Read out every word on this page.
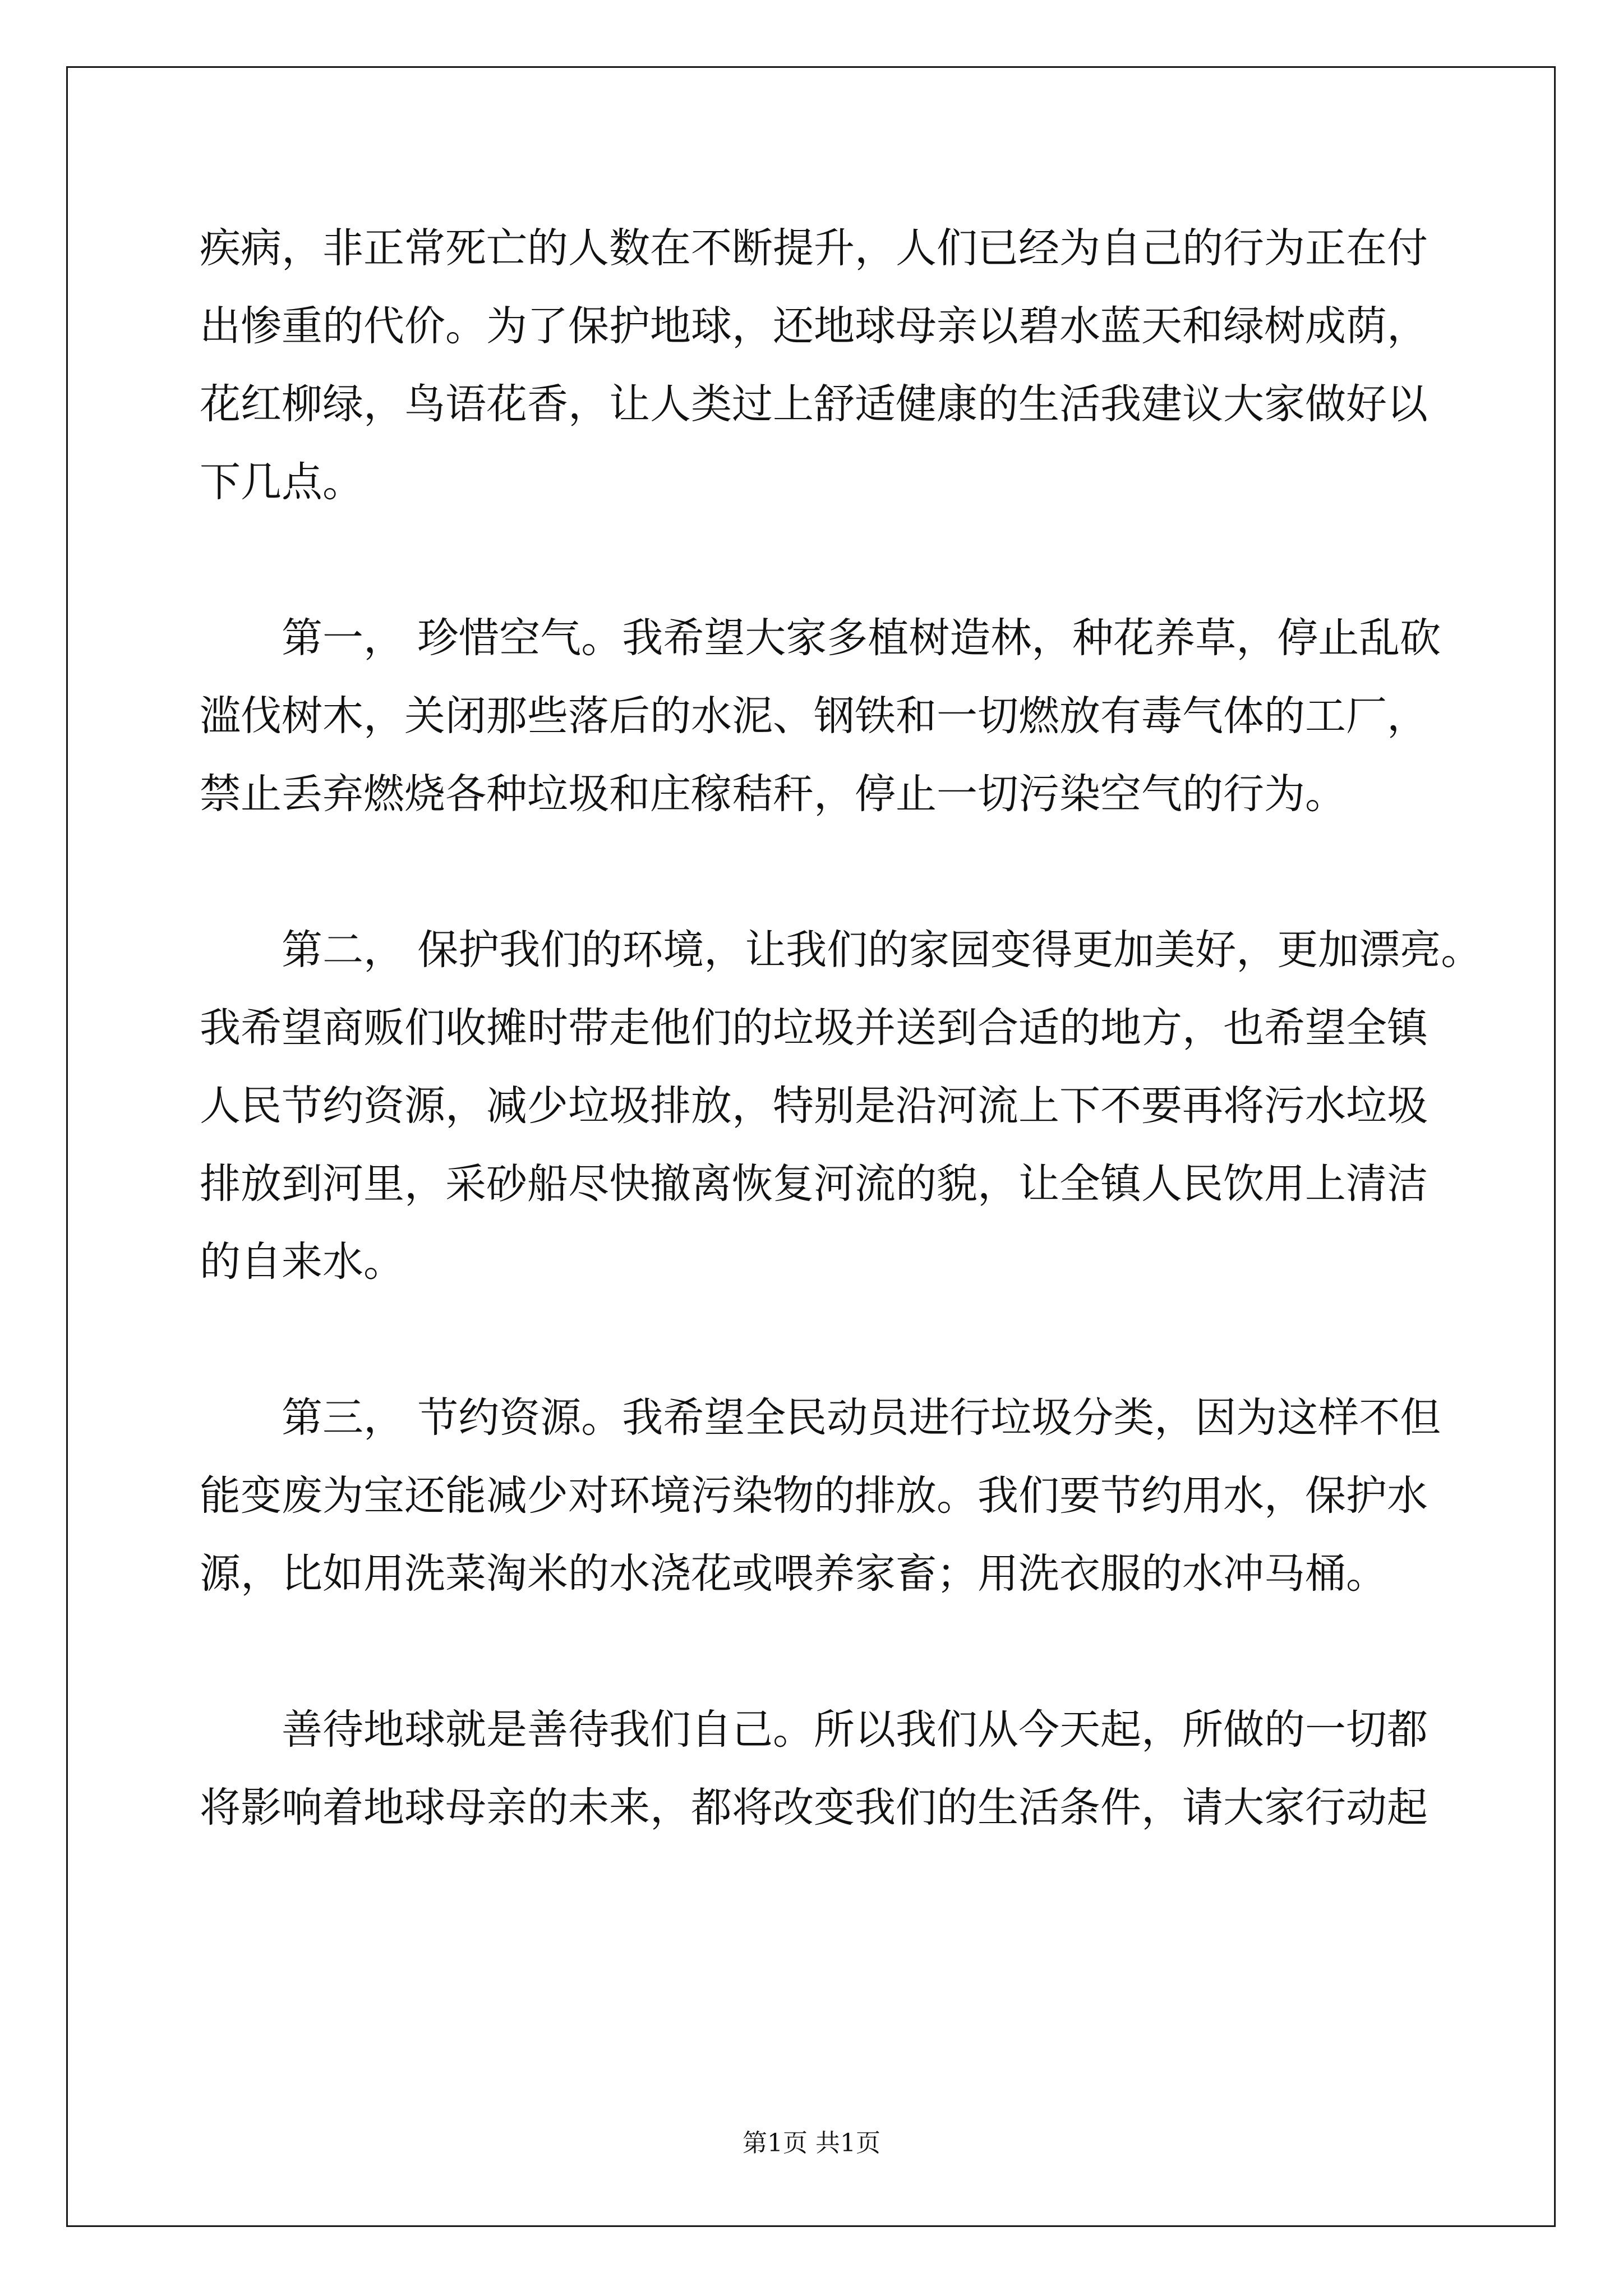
疾病，非正常死亡的人数在不断提升，人们已经为自己的行为正在付

出惨重的代价。为了保护地球，还地球母亲以碧水蓝天和绿树成荫，

花红柳绿，鸟语花香，让人类过上舒适健康的生活我建议大家做好以

下几点。

第一， 珍惜空气。我希望大家多植树造林，种花养草，停止乱砍

滥伐树木，关闭那些落后的水泥、钢铁和一切燃放有毒气体的工厂，

禁止丢弃燃烧各种垃圾和庄稼秸秆，停止一切污染空气的行为。

第二， 保护我们的环境，让我们的家园变得更加美好，更加漂亮。

我希望商贩们收摊时带走他们的垃圾并送到合适的地方，也希望全镇

人民节约资源，减少垃圾排放，特别是沿河流上下不要再将污水垃圾

排放到河里，采砂船尽快撤离恢复河流的貌，让全镇人民饮用上清洁

的自来水。

第三， 节约资源。我希望全民动员进行垃圾分类，因为这样不但

能变废为宝还能减少对环境污染物的排放。我们要节约用水，保护水

源，比如用洗菜淘米的水浇花或喂养家畜；用洗衣服的水冲马桶。

善待地球就是善待我们自己。所以我们从今天起，所做的一切都

将影响着地球母亲的未来，都将改变我们的生活条件，请大家行动起

第1页 共1页
